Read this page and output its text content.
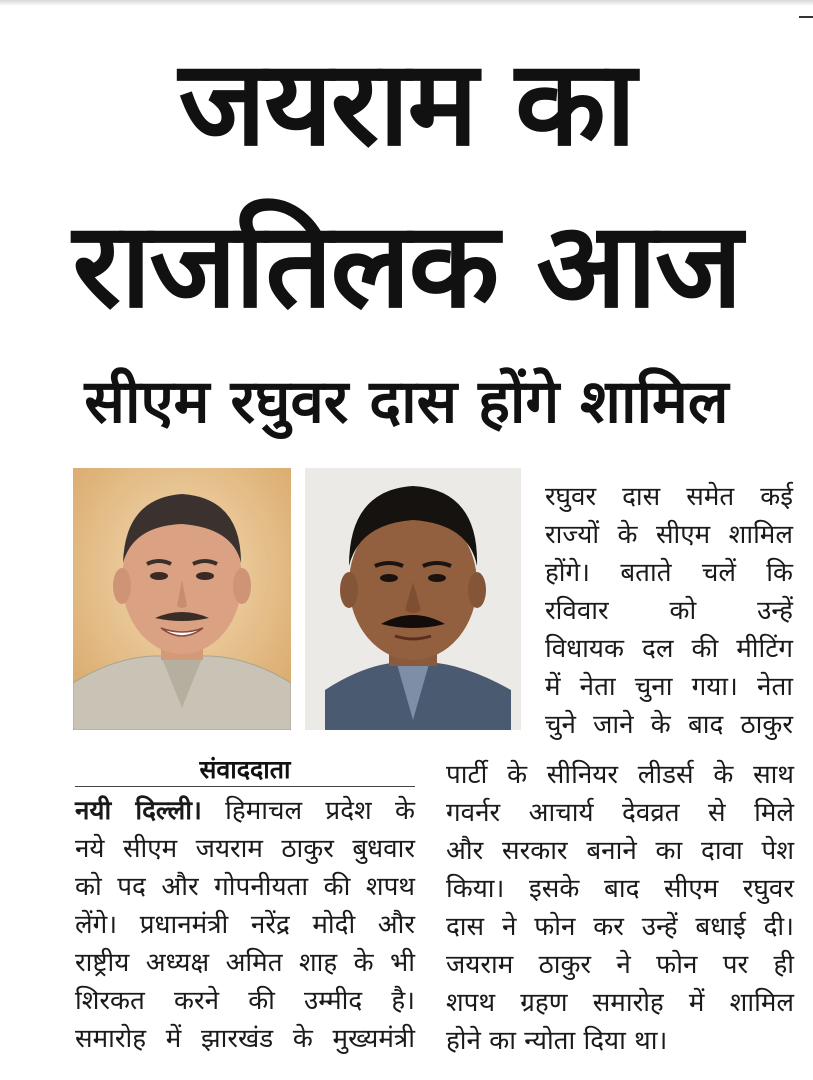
जयराम का
राजतिलक आज
सीएम रघुवर दास होंगे शामिल
रघुवर दास समेत कई
राज्यों के सीएम शामिल
होंगे। बताते चलें कि
रविवार को उन्हें
विधायक दल की मीटिंग
में नेता चुना गया। नेता
चुने जाने के बाद ठाकुर
संवाददाता
नयी दिल्ली। हिमाचल प्रदेश के
नये सीएम जयराम ठाकुर बुधवार
को पद और गोपनीयता की शपथ
लेंगे। प्रधानमंत्री नरेंद्र मोदी और
राष्ट्रीय अध्यक्ष अमित शाह के भी
शिरकत करने की उम्मीद है।
समारोह में झारखंड के मुख्यमंत्री
पार्टी के सीनियर लीडर्स के साथ
गवर्नर आचार्य देवव्रत से मिले
और सरकार बनाने का दावा पेश
किया। इसके बाद सीएम रघुवर
दास ने फोन कर उन्हें बधाई दी।
जयराम ठाकुर ने फोन पर ही
शपथ ग्रहण समारोह में शामिल
होने का न्योता दिया था।
